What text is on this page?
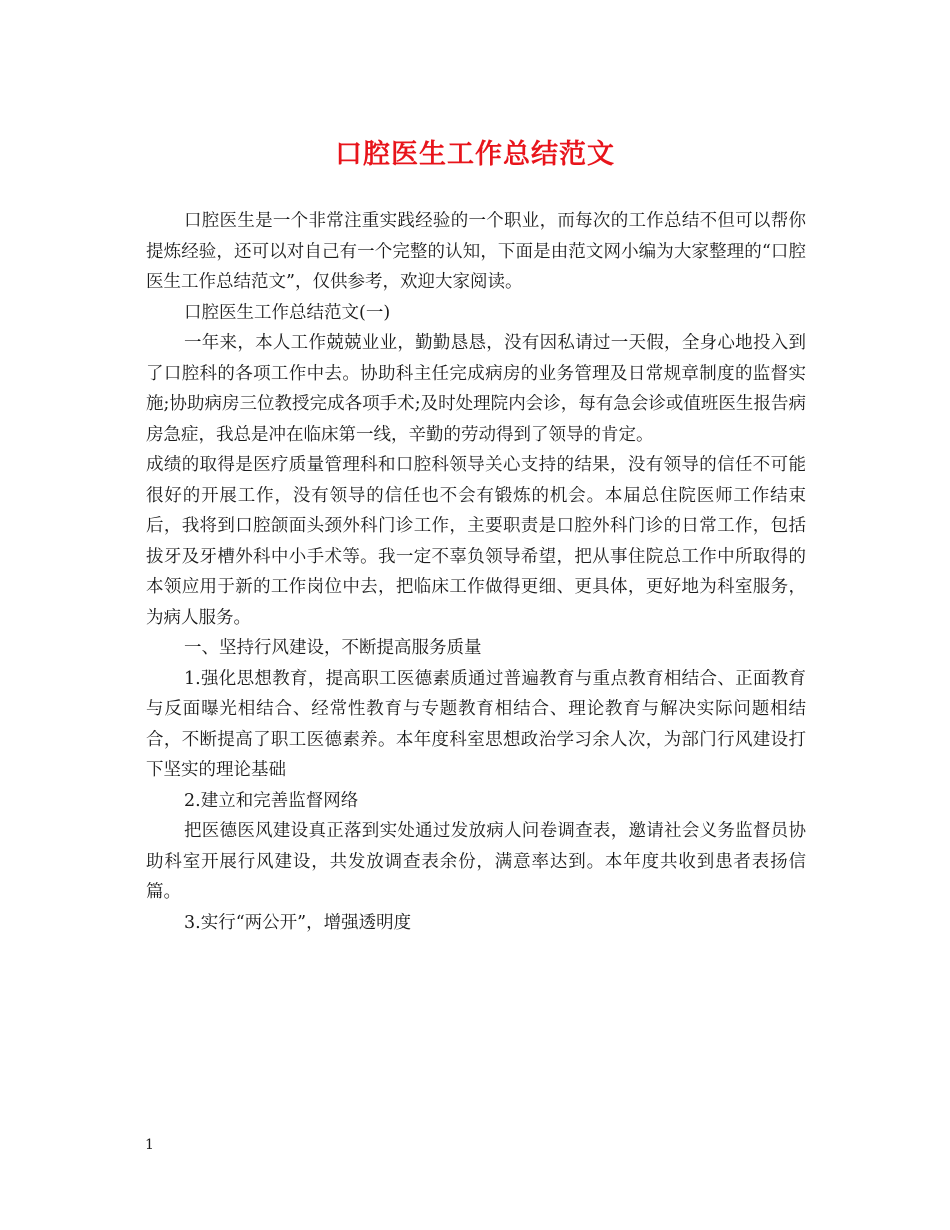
口腔医生工作总结范文

口腔医生是一个非常注重实践经验的一个职业，而每次的工作总结不但可以帮你提炼经验，还可以对自己有一个完整的认知，下面是由范文网小编为大家整理的“口腔医生工作总结范文”，仅供参考，欢迎大家阅读。

口腔医生工作总结范文(一)

一年来，本人工作兢兢业业，勤勤恳恳，没有因私请过一天假，全身心地投入到了口腔科的各项工作中去。协助科主任完成病房的业务管理及日常规章制度的监督实施;协助病房三位教授完成各项手术;及时处理院内会诊，每有急会诊或值班医生报告病房急症，我总是冲在临床第一线，辛勤的劳动得到了领导的肯定。

成绩的取得是医疗质量管理科和口腔科领导关心支持的结果，没有领导的信任不可能很好的开展工作，没有领导的信任也不会有锻炼的机会。本届总住院医师工作结束后，我将到口腔颌面头颈外科门诊工作，主要职责是口腔外科门诊的日常工作，包括拔牙及牙槽外科中小手术等。我一定不辜负领导希望，把从事住院总工作中所取得的本领应用于新的工作岗位中去，把临床工作做得更细、更具体，更好地为科室服务，为病人服务。

一、坚持行风建设，不断提高服务质量

1.强化思想教育，提高职工医德素质通过普遍教育与重点教育相结合、正面教育与反面曝光相结合、经常性教育与专题教育相结合、理论教育与解决实际问题相结合，不断提高了职工医德素养。本年度科室思想政治学习余人次，为部门行风建设打下坚实的理论基础

2.建立和完善监督网络

把医德医风建设真正落到实处通过发放病人问卷调查表，邀请社会义务监督员协助科室开展行风建设，共发放调查表余份，满意率达到。本年度共收到患者表扬信篇。

3.实行“两公开”，增强透明度

1
